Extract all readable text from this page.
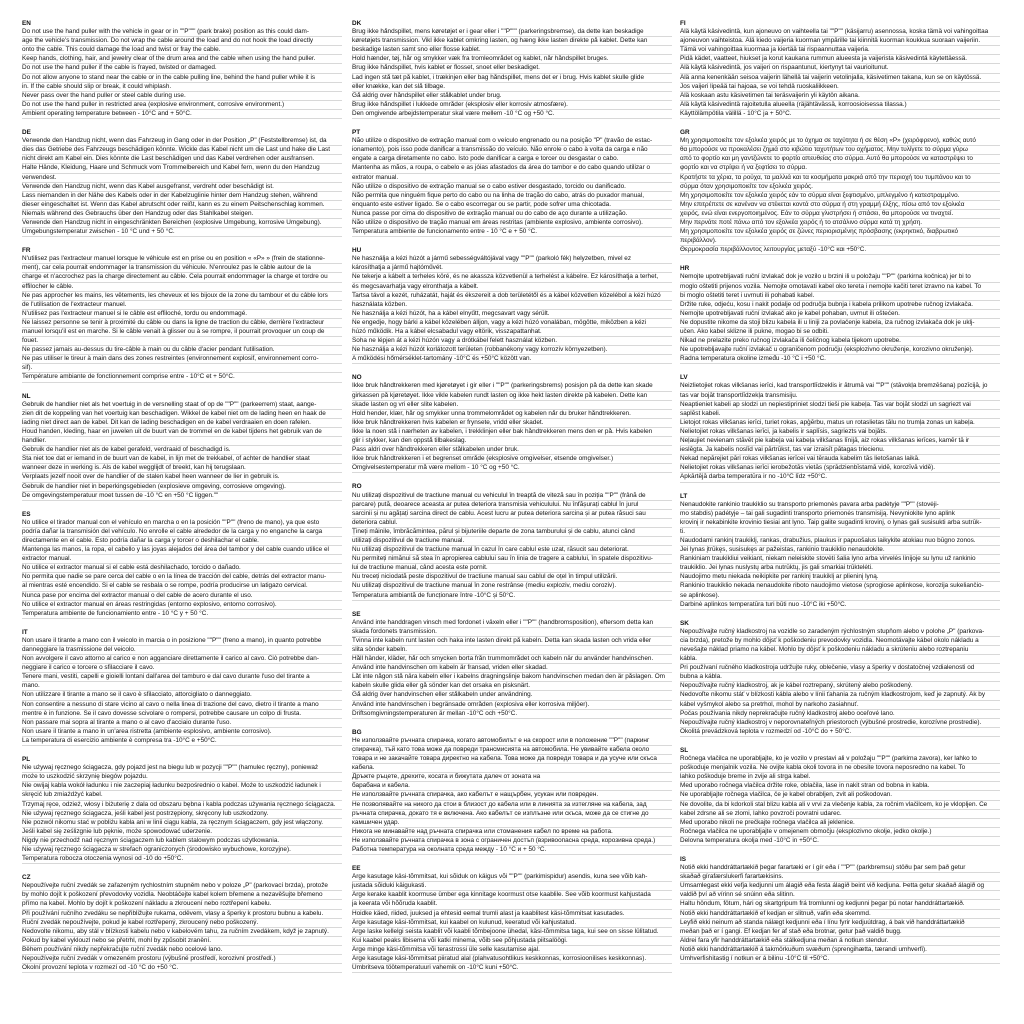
EN
Do not use the hand puller with the vehicle in gear or in ""P""" (park brake) position as this could dam-
age the vehicle's transmission. Do not wrap the cable around the load and do not hook the load directly
onto the cable. This could damage the load and twist or fray the cable.
Keep hands, clothing, hair, and jewelry clear of the drum area and the cable when using the hand puller.
Do not use the hand puller if the cable is frayed, twisted or damaged.
Do not allow anyone to stand near the cable or in the cable pulling line, behind the hand puller while it is
in. If the cable should slip or break, it could whiplash.
Never pass over the hand puller or steel cable during use.
Do not use the hand puller in restricted area (explosive environment, corrosive environment.)
Ambient operating temperature between - 10°C and + 50°C.
DE
Verwende den Handzug nicht, wenn das Fahrzeug in Gang oder in der Position „P" (Feststellbremse) ist, da
dies das Getriebe des Fahrzeugs beschädigen könnte. Wickle das Kabel nicht um die Last und hake die Last
nicht direkt am Kabel ein. Dies könnte die Last beschädigen und das Kabel verdrehen oder ausfransen.
Halte Hände, Kleidung, Haare und Schmuck vom Trommelbereich und Kabel fern, wenn du den Handzug
verwendest.
Verwende den Handzug nicht, wenn das Kabel ausgefranst, verdreht oder beschädigt ist.
Lass niemanden in der Nähe des Kabels oder in der Kabelzuglinie hinter dem Handzug stehen, während
dieser eingeschaltet ist. Wenn das Kabel abrutscht oder reißt, kann es zu einem Peitschenschlag kommen.
Niemals während des Gebrauchs über den Handzug oder das Stahlkabel steigen.
Verwende den Handzug nicht in eingeschränkten Bereichen (explosive Umgebung, korrosive Umgebung).
Umgebungstemperatur zwischen - 10 °C und + 50 °C.
FR
N'utilisez pas l'extracteur manuel lorsque le véhicule est en prise ou en position « «P» » (frein de stationne-
ment), car cela pourrait endommager la transmission du véhicule. N'enroulez pas le câble autour de la
charge et n'accrochez pas la charge directement au câble. Cela pourrait endommager la charge et tordre ou
effilocher le câble.
Ne pas approcher les mains, les vêtements, les cheveux et les bijoux de la zone du tambour et du câble lors
de l'utilisation de l'extracteur manuel.
N'utilisez pas l'extracteur manuel si le câble est effiloché, tordu ou endommagé.
Ne laissez personne se tenir à proximité du câble ou dans la ligne de traction du câble, derrière l'extracteur
manuel lorsqu'il est en marche. Si le câble venait à glisser ou à se rompre, il pourrait provoquer un coup de
fouet.
Ne passez jamais au-dessus du tire-câble à main ou du câble d'acier pendant l'utilisation.
Ne pas utiliser le tireur à main dans des zones restreintes (environnement explosif, environnement corro-
sif).
Température ambiante de fonctionnement comprise entre - 10°C et + 50°C.
NL
Gebruik de handlier niet als het voertuig in de versnelling staat of op de ""P"" (parkeerrem) staat, aange-
zien dit de koppeling van het voertuig kan beschadigen. Wikkel de kabel niet om de lading heen en haak de
lading niet direct aan de kabel. Dit kan de lading beschadigen en de kabel verdraaien en doen rafelen.
Houd handen, kleding, haar en juwelen uit de buurt van de trommel en de kabel tijdens het gebruik van de
handlier.
Gebruik de handlier niet als de kabel gerafeld, verdraaid of beschadigd is.
Sta niet toe dat er iemand in de buurt van de kabel, in lijn met de trekkabel, of achter de handlier staat
wanneer deze in werking is. Als de kabel wegglijdt of breekt, kan hij terugslaan.
Verplaats jezelf nooit over de handlier of de stalen kabel heen wanneer de lier in gebruik is.
Gebruik de handlier niet in beperkingsgebieden (explosieve omgeving, corrosieve omgeving).
De omgevingstemperatuur moet tussen de -10 °C en +50 °C liggen.""
ES
No utilice el tirador manual con el vehículo en marcha o en la posición ""P"" (freno de mano), ya que esto
podría dañar la transmisión del vehículo. No enrolle el cable alrededor de la carga y no enganche la carga
directamente en el cable. Esto podría dañar la carga y torcer o deshilachar el cable.
Mantenga las manos, la ropa, el cabello y las joyas alejados del área del tambor y del cable cuando utilice el
extractor manual.
No utilice el extractor manual si el cable está deshilachado, torcido o dañado.
No permita que nadie se pare cerca del cable o en la línea de tracción del cable, detrás del extractor manu-
al mientras esté encendido. Si el cable se resbala o se rompe, podría producirse un latigazo cervical.
Nunca pase por encima del extractor manual o del cable de acero durante el uso.
No utilice el extractor manual en áreas restringidas (entorno explosivo, entorno corrosivo).
Temperatura ambiente de funcionamiento entre - 10 °C y + 50 °C.
IT
Non usare il tirante a mano con il veicolo in marcia o in posizione ""P"" (freno a mano), in quanto potrebbe
danneggiare la trasmissione del veicolo.
Non avvolgere il cavo attorno al carico e non agganciare direttamente il carico al cavo. Ciò potrebbe dan-
neggiare il carico e torcere o sfilacciare il cavo.
Tenere mani, vestiti, capelli e gioielli lontani dall'area del tamburo e dal cavo durante l'uso del tirante a
mano.
Non utilizzare il tirante a mano se il cavo è sfilacciato, attorcigliato o danneggiato.
Non consentire a nessuno di stare vicino al cavo o nella linea di trazione del cavo, dietro il tirante a mano
mentre è in funzione. Se il cavo dovesse scivolare o rompersi, potrebbe causare un colpo di frusta.
Non passare mai sopra al tirante a mano o al cavo d'acciaio durante l'uso.
Non usare il tirante a mano in un'area ristretta (ambiente esplosivo, ambiente corrosivo).
La temperatura di esercizio ambiente è compresa tra -10°C e +50°C.
PL
Nie używaj ręcznego ściągacza, gdy pojazd jest na biegu lub w pozycji ""P"" (hamulec ręczny), ponieważ
może to uszkodzić skrzynię biegów pojazdu.
Nie owijaj kabla wokół ładunku i nie zaczepiaj ładunku bezpośrednio o kabel. Może to uszkodzić ładunek i
skręcić lub zmiażdżyć kabel.
Trzymaj ręce, odzież, włosy i biżuterię z dala od obszaru bębna i kabla podczas używania ręcznego ściągacza.
Nie używaj ręcznego ściągacza, jeśli kabel jest postrzępiony, skręcony lub uszkodzony.
Nie pozwól nikomu stać w pobliżu kabla ani w linii ciągu kabla, za ręcznym ściągaczem, gdy jest włączony.
Jeśli kabel się ześlizgnie lub pęknie, może spowodować uderzenie.
Nigdy nie przechodź nad ręcznym ściągaczem lub kablem stalowym podczas użytkowania.
Nie używaj ręcznego ściągacza w strefach ograniczonych (środowisko wybuchowe, korozyjne).
Temperatura robocza otoczenia wynosi od -10 do +50°C.
CZ
Nepoužívejte ruční zvedák se zařazeným rychlostním stupněm nebo v poloze „P" (parkovací brzda), protože
by mohlo dojít k poškození převodovky vozidla. Neobtáčejte kabel kolem břemene a nezavěšujte břemeno
přímo na kabel. Mohlo by dojít k poškození nákladu a zkroucení nebo roztřepení kabelu.
Při používání ručního zvedáku se nepřibližujte rukama, oděvem, vlasy a šperky k prostoru bubnu a kabelu.
Ruční zvedák nepoužívejte, pokud je kabel roztřepený, zkroucený nebo poškozený.
Nedovolte nikomu, aby stál v blízkosti kabelu nebo v kabelovém tahu, za ručním zvedákem, když je zapnutý.
Pokud by kabel vyklouzl nebo se přetrhl, mohl by způsobit zranění.
Během používání nikdy nepřekračujte ruční zvedák nebo ocelové lano.
Nepoužívejte ruční zvedák v omezeném prostoru (výbušné prostředí, korozivní prostředí.)
Okolní provozní teplota v rozmezí od -10 °C do +50 °C.
DK
Brug ikke håndspillet, mens køretøjet er i gear eller i ""P""" (parkeringsbremse), da dette kan beskadige
køretøjets transmission. Vikl ikke kablet omkring lasten, og hæng ikke lasten direkte på kablet. Dette kan
beskadige lasten samt sno eller flosse kablet.
Hold hænder, tøj, hår og smykker væk fra tromleområdet og kablet, når håndspillet bruges.
Brug ikke håndspillet, hvis kablet er flosset, snoet eller beskadiget.
Lad ingen stå tæt på kablet, i trækinjen eller bag håndspillet, mens det er i brug. Hvis kablet skulle glide
eller knække, kan det slå tilbage.
Gå aldrig over håndspillet eller stålkablet under brug.
Brug ikke håndspillet i lukkede områder (eksplosiv eller korrosiv atmosfære).
Den omgivende arbejdstemperatur skal være mellem -10 °C og +50 °C.
PT
Não utilize o dispositivo de extração manual com o veículo engrenado ou na posição "P" (travão de estac-
ionamento), pois isso pode danificar a transmissão do veículo. Não enrole o cabo à volta da carga e não
engate a carga diretamente no cabo. Isto pode danificar a carga e torcer ou desgastar o cabo.
Mantenha as mãos, a roupa, o cabelo e as jóias afastados da área do tambor e do cabo quando utilizar o
extrator manual.
Não utilize o dispositivo de extração manual se o cabo estiver desgastado, torcido ou danificado.
Não permita que ninguém fique perto do cabo ou na linha de tração do cabo, atrás do puxador manual,
enquanto este estiver ligado. Se o cabo escorregar ou se partir, pode sofrer uma chicotada.
Nunca passe por cima do dispositivo de extração manual ou do cabo de aço durante a utilização.
Não utilize o dispositivo de tração manual em áreas restritas (ambiente explosivo, ambiente corrosivo).
Temperatura ambiente de funcionamento entre - 10 °C e + 50 °C.
HU
Ne használja a kézi húzót a jármű sebességváltójával vagy ""P"" (parkoló fék) helyzetben, mivel ez
károsíthatja a jármű hajtóművét.
Ne tekerje a kábelt a terheles köré, és ne akassza közvetlenül a terhelést a kábelre. Ez károsíthatja a terhet,
és megcsavarhatja vagy elronthatja a kábelt.
Tartsa távol a kezét, ruházatát, haját és ékszereit a dob területétől és a kábel közvetlen közelébol a kézi húzó
használata közben.
Ne használja a kézi húzót, ha a kábel elnyűtt, megcsavart vagy sérült.
Ne engedje, hogy bárki a kábel közelében álljon, vagy a kézi húzó vonalában, mögötte, miközben a kézi
húzó működik. Ha a kábel elcsabadul vagy eltörik, visszapattanhat.
Soha ne lépjen át a kézi húzón vagy a drótkábel felett használat közben.
Ne használja a kézi húzót korlátozott területen (robbanékony vagy korrozív környezetben).
A működési hőmérséklet-tartomány -10°C és +50°C között van.
NO
Ikke bruk håndtrekkeren med kjøretøyet i gir eller i ""P"" (parkeringsbrems) posisjon på da dette kan skade
girkassen på kjøretøyet. Ikke vikle kabelen rundt lasten og ikke hekt lasten direkte på kabelen. Dette kan
skade lasten og vri eller slite kabelen.
Hold hender, klær, hår og smykker unna trommelområdet og kabelen når du bruker håndtrekkeren.
Ikke bruk håndtrekkeren hvis kabelen er frynsete, vridd eller skadet.
Ikke la noen stå i nærheten av kabelen, i trekklinjen eller bak håndtrekkeren mens den er på. Hvis kabelen
glir i stykker, kan den oppstå tilbakeslag.
Pass aldri over håndtrekkeren eller stålkabelen under bruk.
Ikke bruk håndtrekkeren i et begrenset område (eksplosive omgivelser, etsende omgivelser.)
Omgivelsestemperatur må være mellom - 10 °C og +50 °C.
RO
Nu utilizați dispozitivul de tractiune manual cu vehiculul în treaptă de viteză sau în poziția ""P"" (frână de
parcare) pută, deoarece aceasta ar putea deteriora transmisia vehiculului. Nu înfășurați cablul în jurul
sarcinii și nu agățați sarcina direct de cablu. Acest lucru ar putea deteriora sarcina și ar putea răsuci sau
deteriora cablul.
Țineți mâinile, îmbrăcămintea, părul și bijuteriile departe de zona tamburului și de cablu, atunci când
utilizați dispozitivul de tractiune manual.
Nu utilizați dispozitivul de tractiune manual în cazul în care cablul este uzat, răsucit sau deteriorat.
Nu permiteți nimănui să stea în apropierea cablului sau în linia de tragere a cablului, în spatele dispozitivu-
lui de tractiune manual, când acesta este pornit.
Nu treceți niciodată peste dispozitivul de tractiune manual sau cablul de oțel în timpul utilizării.
Nu utilizați dispozitivul de tractiune manual în zone restrânse (mediu exploziv, mediu coroziv).
Temperatura ambiantă de funcționare între -10°C și 50°C.
SE
Använd inte handdragen vinsch med fordonet i växeln eller i ""P"" (handbromsposition), eftersom detta kan
skada fordonets transmission.
Tvinna inte kabeln runt lasten och haka inte lasten direkt på kabeln. Detta kan skada lasten och vrida eller
slita sönder kabeln.
Håll händer, kläder, hår och smycken borta från trummområdet och kabeln när du använder handvinschen.
Använd inte handvinschen om kabeln är fransad, vriden eller skadad.
Låt inte någon stå nära kabeln eller i kabelns dragningslinje bakom handvinschen medan den är påslagen. Om
kabeln skulle glida eller gå sönder kan det orsaka en pisksnärt.
Gå aldrig över handvinschen eller stålkabeln under användning.
Använd inte handvinschen i begränsade områden (explosiva eller korrosiva miljöer).
Driftsomgivningstemperaturen är mellan -10°C och +50°C.
BG
Не използвайте ръчната спирачка, когато автомобилът е на скорост или в положение ""P"" (паркинг
спирачка), тъй като това може да повреди трансмисията на автомобила. Не увивайте кабела около
товара и не закачайте товара директно на кабела. Това може да повреди товара и да усуче или скъса
кабела.
Дръжте ръцете, дрехите, косата и бижутата далеч от зоната на
барабана и кабела.
Не използвайте ръчната спирачка, ако кабелът е нащърбен, усукан или повреден.
Не позволявайте на никого да стои в близост до кабела или в линията за изтегляне на кабела, зад
ръчната спирачка, докато тя е включена. Ако кабелът се изплъзне или скъса, може да се стигне до
камшичен удар.
Никога не минавайте над ръчната спирачка или стоманения кабел по време на работа.
Не използвайте ръчната спирачка в зона с ограничен достъп (взривоопасна среда, корозивна среда.)
Работна температура на околната среда между - 10 °C и + 50 °C.
EE
Ärge kasutage käsi-tõmmitsat, kui sõiduk on käigus või ""P"" (parkimispidur) asendis, kuna see võib kah-
justada sõiduki käigukasti.
Ärge kerake kaablit koormuse ümber ega kinnitage koormust otse kaablile. See võib koormust kahjustada
ja keerata või hõõruda kaablit.
Hoidke käed, riided, juuksed ja ehtesid eemal trumli alast ja kaablitest käsi-tõmmitsat kasutades.
Ärge kasutage käsi-tõmmitsat, kui kaabel on kulunud, keeratud või kahjustatud.
Ärge laske kellelgi seista kaablit või kaabli tõmbejoone ühedal, käsi-tõmmitsa taga, kui see on sisse lülitatud.
Kui kaabel peaks libisema või katki minema, võib see põhjustada piitsalöögi.
Ärge minge käsi-tõmmitsa või terastrossi üle selle kasutamise ajal.
Ärge kasutage käsi-tõmmitsat piiratud alal (plahvatusohtlikus keskkonnas, korrosioonilises keskkonnas).
Ümbritseva töötemperatuuri vahemik on -10°C kuni +50°C.
FI
Älä käytä käsivedintä, kun ajoneuvo on vaihteella tai ""P"" (käsijarru) asennossa, koska tämä voi vahingoittaa
ajoneuvon vaihteistoa. Älä kiedo vaijeria kuorman ympärille tai kiinnitä kuorman koukkua suoraan vaijeriin.
Tämä voi vahingoittaa kuormaa ja kiertää tai rispaannuttaa vaijeria.
Pidä kädet, vaatteet, hiukset ja korut kaukana rummun alueesta ja vaijerista käsivedintä käytettäessä.
Älä käytä käsivedintä, jos vaijeri on rispaantunut, kiertynyt tai vaurioitunut.
Älä anna kenenkään seisoa vaijerin lähellä tai vaijerin vetolinjalla, käsivetimen takana, kun se on käytössä.
Jos vaijeri lipeää tai hajoaa, se voi tehdä ruoskaliikkeen.
Älä koskaan astu käsivetimen tai teräsvaijerin yli käytön aikana.
Älä käytä käsivedintä rajoitetulla alueella (räjähtävässä, korroosioisessa tilassa.)
Käyttölämpötila välillä - 10°C ja + 50°C.
GR
Μη χρησιμοποιείτε τον εξολκέα χειρός με το όχημα σε ταχύτητα ή σε θέση «P» (χειρόφρενο), καθώς αυτό
θα μπορούσε να προκαλέσει ζημιά στο κιβώτιο ταχυτήτων του οχήματος. Μην τυλίγετε το σύρμα γύρω
από το φορτίο και μη γαντζώνετε το φορτίο απευθείας στο σύρμα. Αυτό θα μπορούσε να καταστρέψει το
φορτίο και να στρίψει ή να ξεφτίσει το σύρμα.
Κρατήστε τα χέρια, τα ρούχα, τα μαλλιά και τα κοσμήματα μακριά από την περιοχή του τυμπάνου και το
σύρμα όταν χρησιμοποιείτε τον εξολκέα χειρός.
Μη χρησιμοποιείτε τον εξολκέα χειρός εάν το σύρμα είναι ξεφτισμένο, μπλεγμένο ή κατεστραμμένο.
Μην επιτρέπετε σε κανέναν να στέκεται κοντά στο σύρμα ή στη γραμμή έλξης, πίσω από τον εξολκέα
χειρός, ενώ είναι ενεργοποιημένος. Εάν το σύρμα γλιστρήσει ή σπάσει, θα μπορούσε να τιναχτεί.
Μην περνάτε ποτέ πάνω από τον εξολκέα χειρός ή το ατσάλινο σύρμα κατά τη χρήση.
Μη χρησιμοποιείτε τον εξολκέα χειρός σε ζώνες περιορισμένης πρόσβασης (εκρηκτικό, διαβρωτικό
περιβάλλον).
Θερμοκρασία περιβάλλοντος λειτουργίας μεταξύ -10°C και +50°C.
HR
Nemojte upotrebljavati ruční izvlakač dok je vozilo u brzini ili u položaju ""P"" (parkirna kočnica) jer bi to
moglo oštetiti prijenos vozila. Nemojte omotavati kabel oko tereta i nemojte kačiti teret izravno na kabel. To
bi moglo oštetiti teret i uvrnuti ili pohabati kabel.
Držite ruke, odjeću, kosu i nakit podalje od područja bubnja i kabela prilikom upotrebe ručnog izvlakača.
Nemojte upotrebljavati ruční izvlakač ako je kabel pohaban, uvrnut ili oštećen.
Ne dopustite nikome da stoji blizu kabela ili u liniji za povlačenje kabela, iza ručnog izvlakača dok je uklj-
učen. Ako kabel sklizne ili pukne, mogao bi se odbiti.
Nikad ne prelazite preko ručnog izvlakača ili čeličnog kabela tijekom upotrebe.
Ne upotrebljavajte ruční izvlakač u ograničenom području (eksplozivno okruženje, korozivno okruženje).
Radna temperatura okoline između -10 °C i +50 °C.
LV
Neizlietojiet rokas vilkšanas ierīci, kad transportlīdzeklis ir ātrumā vai ""P"" (stāvokļa bremzēšana) pozīcijā, jo
tas var bojāt transportlīdzekļa transmisiju.
Neaptieniet kabeli ap slodzi un nepiestipriniet slodzi tieši pie kabeļa. Tas var bojāt slodzi un sagriezt vai
saplēst kabeli.
Lietojot rokas vilkšanas ierīci, turiet rokas, apģērbu, matus un rotaslietas tālu no trumļa zonas un kabeļa.
Nelietojiet rokas vilkšanas ierīci, ja kabelis ir saplīsis, sagriezts vai bojāts.
Neļaujiet nevienam stāvēt pie kabeļa vai kabeļa vilkšanas līnijā, aiz rokas vilkšanas ierīces, kamēr tā ir
ieslēgta. Ja kabelis noslīd vai pārtrūkst, tas var izraisīt pātagas triecienu.
Nekad nepārejiet pāri rokas vilkšanas ierīcei vai tērauda kabelim tās lietošanas laikā.
Nelietojiet rokas vilkšanas ierīci ierobežotās vietās (sprādzienbīstamā vidē, korozīvā vidē).
Apkārtējā darba temperatūra ir no -10°C līdz +50°C.
LT
Nenaudokite rankinio traukiklio su transporto priemonės pavara arba padėtyje ""P"" (stovėji-
mo stabdis) padėtyje – tai gali sugadinti transporto priemonės transmisiją. Nevyniokite lyno aplink
krovinį ir nekabinkite krovinio tiesiai ant lyno. Taip galite sugadinti krovinį, o lynas gali susisukti arba sutrūk-
ti.
Naudodami rankinį traukiklį, rankas, drabužius, plaukus ir papuošalus laikykite atokiau nuo būgno zonos.
Jei lynas įtrūkęs, susisukęs ar pažeistas, rankinio traukiklio nenaudokite.
Rankiniam traukikliui veikiant, niekam neleiskite stovėti šalia lyno arba virvelės linijoje su lynu už rankinio
traukiklio. Jei lynas nuslystų arba nutrūktų, jis gali smarkiai trūktelėti.
Naudojimo metu niekada neikipkite per rankinį traukiklį ar plieninį lyną.
Rankinio traukiklio nekada nenaudokite riboto naudojimo vietose (sprogiose aplinkose, korozija sukeliančio-
se aplinkose).
Darbinė aplinkos temperatūra turi būti nuo -10°C iki +50°C.
SK
Nepoužívajte ručný kladkostroj na vozidle so zaradeným rýchlostným stupňom alebo v polohe „P" (parkova-
cia brzda), pretože by mohlo dôjsť k poškodeniu prevodovky vozidla. Neomotávajte kábel okolo nákladu a
nevešajte náklad priamo na kábel. Mohlo by dôjsť k poškodeniu nákladu a skrúteniu alebo roztrepaniu
kábla.
Pri používaní ručného kladkostroja udržujte ruky, oblečenie, vlasy a šperky v dostatočnej vzdialenosti od
bubna a kábla.
Nepoužívajte ručný kladkostroj, ak je kábel roztrepaný, skrútený alebo poškodený.
Nedovoľte nikomu stáť v blízkosti kábla alebo v línii ťahania za ručným kladkostrojom, keď je zapnutý. Ak by
kábel vyšmykol alebo sa pretrhol, mohol by narkoho zasiahnuť.
Počas používania nikdy neprekračujte ručný kladkostroj alebo oceľové lano.
Nepoužívajte ručný kladkostroj v neporovnateľných priestoroch (výbušné prostredie, korozívne prostredie).
Okolitá prevádzková teplota v rozmedzí od -10°C do + 50°C.
SL
Ročnega vlačilca ne uporabljajte, ko je vozilo v prestavi ali v položaju ""P"" (parkirna zavora), ker lahko to
poškoduje menjalnik vozila. Ne ovijte kabla okoli tovora in ne obesite tovora neposredno na kabel. To
lahko poškoduje breme in zvije ali strga kabel.
Med uporabo ročnega vlačilca držite roke, oblačila, lase in nakit stran od bobna in kabla.
Ne uporabljajte ročnega vlačilca, če je kabel obrabljen, zvit ali poškodovan.
Ne dovolite, da bi kdorkoli stal blizu kabla ali v vrvi za vlečenje kabla, za ročnim vlačilcem, ko je vklopljen. Če
kabel zdrsne ali se zlomi, lahko povzroči povratni udarec.
Med uporabo nikoli ne prečkajte ročnega vlačilca ali jeklenice.
Ročnega vlačilca ne uporabljajte v omejenem območju (eksplozivno okolje, jedko okolje.)
Delovna temperatura okolja med -10°C in +50°C.
IS
Notið ekki handdráttartækið þegar farartæki er í gír eða í ""P"" (parkbremsu) stöðu þar sem það getur
skaðað gírafærslukerfi farartækisins.
Umsamlegast ekki vefja kedjunni um álagið eða festa álagið beint við kedjuna. Þetta getur skaðað álagið og
valdið því að vírinn sé snúinn eða slitinn.
Haltu höndum, fötum, hári og skartgripum frá tromlunni og kedjunni þegar þú notar handdráttartækið.
Notið ekki handdráttartækið ef kedjan er slitnuð, vafin eða skemmd.
Leyfið ekki neinum að standa nálægt kedjunni eða í línu fyrir kedjuútdrag, á bak við handdráttartækið
meðan það er í gangi. Ef kedjan fer af stað eða brotnar, getur það valdið bugg.
Aldrei fara yfir handdráttartækið eða stálkedjuna meðan á notkun stendur.
Notið ekki handdráttartækið á takmörkuðum svæðum (sprengihætta, tærandi umhverfi).
Umhverfishitastig í notkun er á bilinu -10°C til +50°C.
